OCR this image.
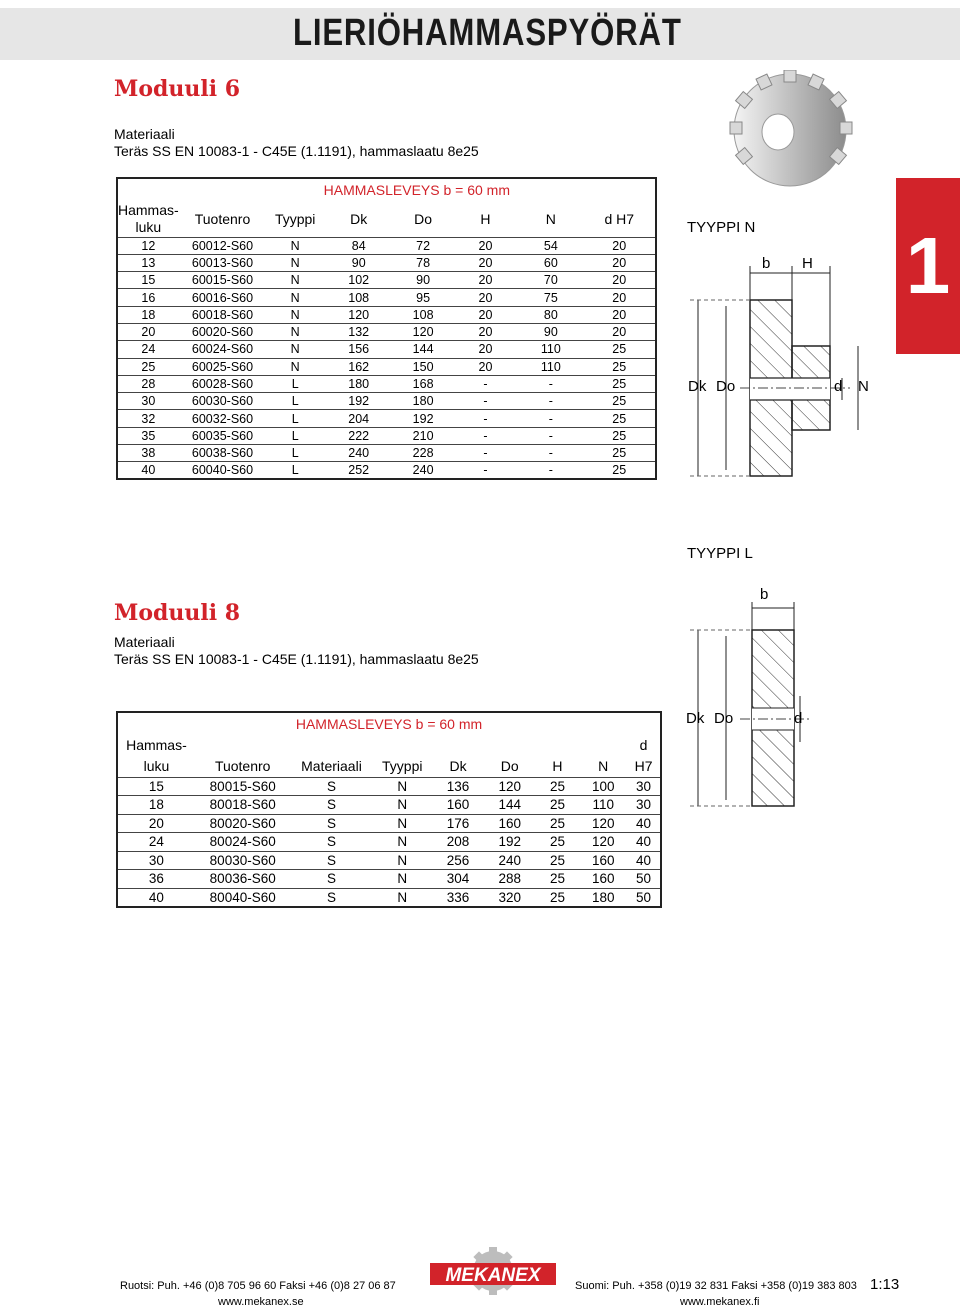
LIERIÖHAMMASPYÖRÄT
1
Moduuli 6
Materiaali
Teräs SS EN 10083-1 - C45E (1.1191), hammaslaatu 8e25
	HAMMASLEVEYS b = 60 mm						
Hammas-
luku	Tuotenro	Tyyppi	Dk	Do	H	N	d H7
12	60012-S60	N	84	72	20	54	20
13	60013-S60	N	90	78	20	60	20
15	60015-S60	N	102	90	20	70	20
16	60016-S60	N	108	95	20	75	20
18	60018-S60	N	120	108	20	80	20
20	60020-S60	N	132	120	20	90	20
24	60024-S60	N	156	144	20	110	25
25	60025-S60	N	162	150	20	110	25
28	60028-S60	L	180	168	-	-	25
30	60030-S60	L	192	180	-	-	25
32	60032-S60	L	204	192	-	-	25
35	60035-S60	L	222	210	-	-	25
38	60038-S60	L	240	228	-	-	25
40	60040-S60	L	252	240	-	-	25
TYYPPI N
b H
Dk Do	d N
TYYPPI L
b
Dk Do	d
Moduuli 8
Materiaali
Teräs SS EN 10083-1 - C45E (1.1191), hammaslaatu 8e25
HAMMASLEVEYS b = 60 mm								
Hammas-								d
luku	Tuotenro	Materiaali	Tyyppi	Dk	Do	H	N	H7
15	80015-S60	S	N	136	120	25	100	30
18	80018-S60	S	N	160	144	25	110	30
20	80020-S60	S	N	176	160	25	120	40
24	80024-S60	S	N	208	192	25	120	40
30	80030-S60	S	N	256	240	25	160	40
36	80036-S60	S	N	304	288	25	160	50
40	80040-S60	S	N	336	320	25	180	50
Ruotsi: Puh. +46 (0)8 705 96 60 Faksi +46 (0)8 27 06 87
www.mekanex.se
MEKANEX	Suomi: Puh. +358 (0)19 32 831 Faksi +358 (0)19 383 803
www.mekanex.fi
1:13
